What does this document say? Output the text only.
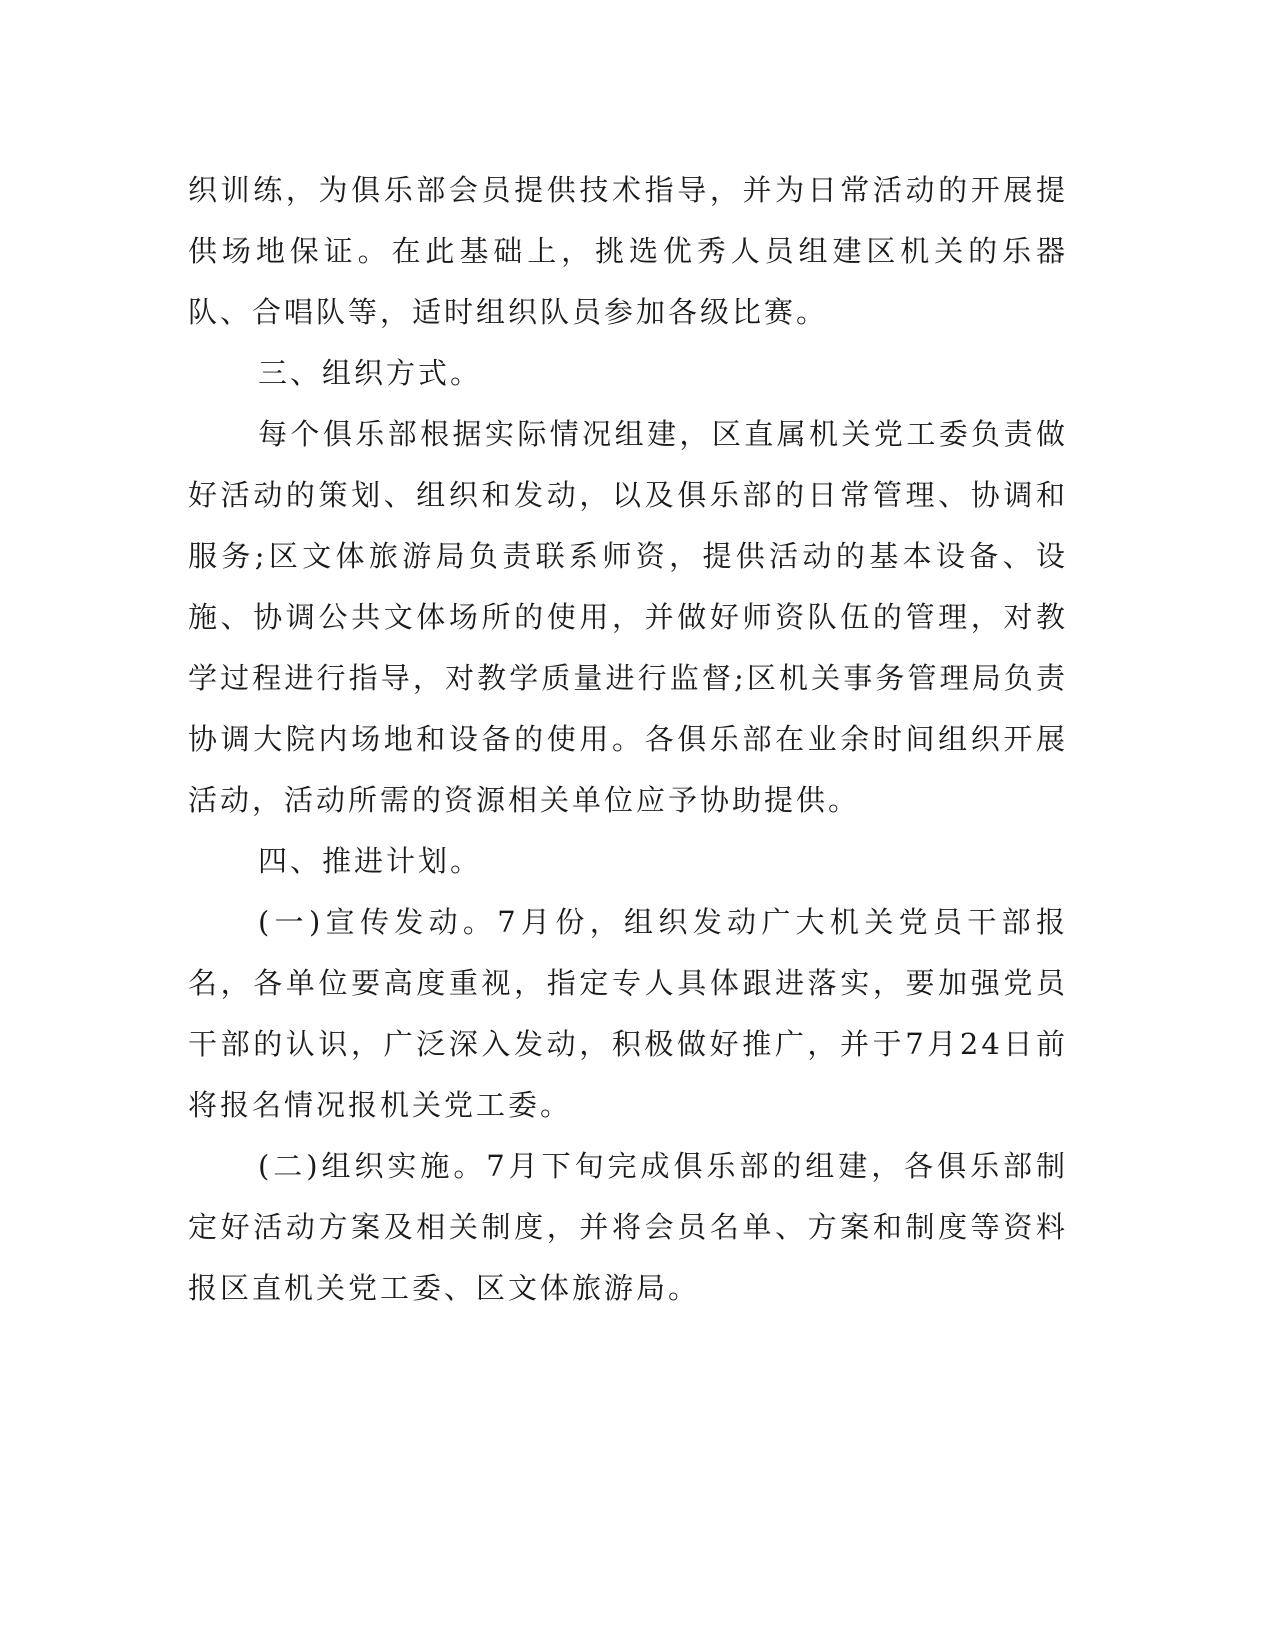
织训练，为俱乐部会员提供技术指导，并为日常活动的开展提供场地保证。在此基础上，挑选优秀人员组建区机关的乐器队、合唱队等，适时组织队员参加各级比赛。

三、组织方式。

每个俱乐部根据实际情况组建，区直属机关党工委负责做好活动的策划、组织和发动，以及俱乐部的日常管理、协调和服务;区文体旅游局负责联系师资，提供活动的基本设备、设施、协调公共文体场所的使用，并做好师资队伍的管理，对教学过程进行指导，对教学质量进行监督;区机关事务管理局负责协调大院内场地和设备的使用。各俱乐部在业余时间组织开展活动，活动所需的资源相关单位应予协助提供。

四、推进计划。

(一)宣传发动。7月份，组织发动广大机关党员干部报名，各单位要高度重视，指定专人具体跟进落实，要加强党员干部的认识，广泛深入发动，积极做好推广，并于7月24日前将报名情况报机关党工委。

(二)组织实施。7月下旬完成俱乐部的组建，各俱乐部制定好活动方案及相关制度，并将会员名单、方案和制度等资料报区直机关党工委、区文体旅游局。
